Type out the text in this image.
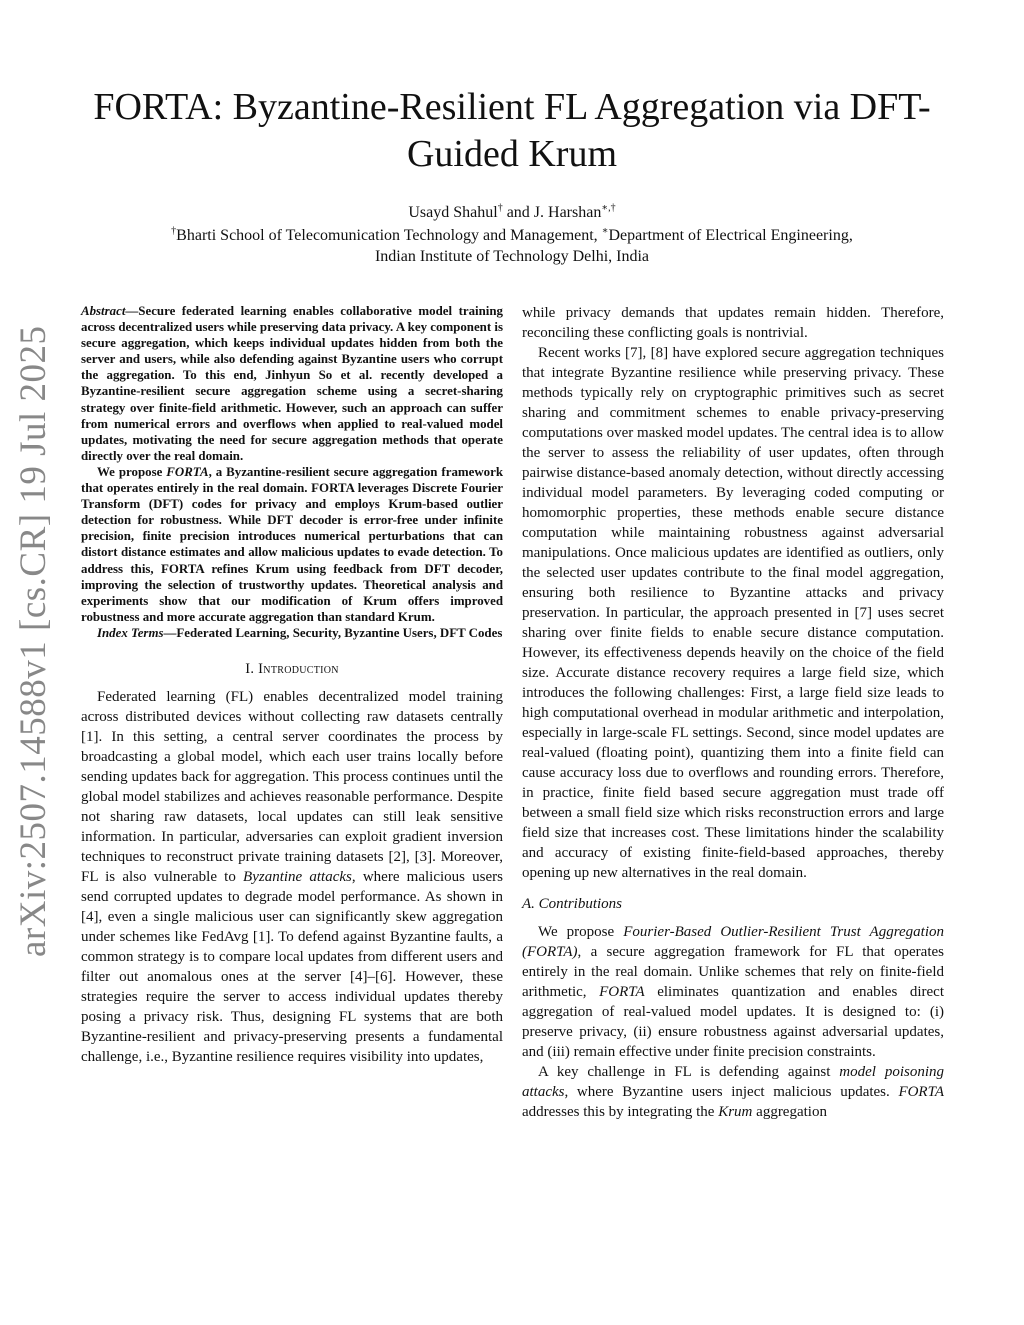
arXiv:2507.14588v1 [cs.CR] 19 Jul 2025
FORTA: Byzantine-Resilient FL Aggregation via DFT-Guided Krum
Usayd Shahul† and J. Harshan∗,†
†Bharti School of Telecomunication Technology and Management, ∗Department of Electrical Engineering,
Indian Institute of Technology Delhi, India

Abstract—Secure federated learning enables collaborative model training across decentralized users while preserving data privacy. A key component is secure aggregation, which keeps individual updates hidden from both the server and users, while also defending against Byzantine users who corrupt the aggregation. To this end, Jinhyun So et al. recently developed a Byzantine-resilient secure aggregation scheme using a secret-sharing strategy over finite-field arithmetic. However, such an approach can suffer from numerical errors and overflows when applied to real-valued model updates, motivating the need for secure aggregation methods that operate directly over the real domain.

We propose FORTA, a Byzantine-resilient secure aggregation framework that operates entirely in the real domain. FORTA leverages Discrete Fourier Transform (DFT) codes for privacy and employs Krum-based outlier detection for robustness. While DFT decoder is error-free under infinite precision, finite precision introduces numerical perturbations that can distort distance estimates and allow malicious updates to evade detection. To address this, FORTA refines Krum using feedback from DFT decoder, improving the selection of trustworthy updates. Theoretical analysis and experiments show that our modification of Krum offers improved robustness and more accurate aggregation than standard Krum.

Index Terms—Federated Learning, Security, Byzantine Users, DFT Codes

I. Introduction

Federated learning (FL) enables decentralized model training across distributed devices without collecting raw datasets centrally [1]. In this setting, a central server coordinates the process by broadcasting a global model, which each user trains locally before sending updates back for aggregation. This process continues until the global model stabilizes and achieves reasonable performance. Despite not sharing raw datasets, local updates can still leak sensitive information. In particular, adversaries can exploit gradient inversion techniques to reconstruct private training datasets [2], [3]. Moreover, FL is also vulnerable to Byzantine attacks, where malicious users send corrupted updates to degrade model performance. As shown in [4], even a single malicious user can significantly skew aggregation under schemes like FedAvg [1]. To defend against Byzantine faults, a common strategy is to compare local updates from different users and filter out anomalous ones at the server [4]–[6]. However, these strategies require the server to access individual updates thereby posing a privacy risk. Thus, designing FL systems that are both Byzantine-resilient and privacy-preserving presents a fundamental challenge, i.e., Byzantine resilience requires visibility into updates,

while privacy demands that updates remain hidden. Therefore, reconciling these conflicting goals is nontrivial.

Recent works [7], [8] have explored secure aggregation techniques that integrate Byzantine resilience while preserving privacy. These methods typically rely on cryptographic primitives such as secret sharing and commitment schemes to enable privacy-preserving computations over masked model updates. The central idea is to allow the server to assess the reliability of user updates, often through pairwise distance-based anomaly detection, without directly accessing individual model parameters. By leveraging coded computing or homomorphic properties, these methods enable secure distance computation while maintaining robustness against adversarial manipulations. Once malicious updates are identified as outliers, only the selected user updates contribute to the final model aggregation, ensuring both resilience to Byzantine attacks and privacy preservation. In particular, the approach presented in [7] uses secret sharing over finite fields to enable secure distance computation. However, its effectiveness depends heavily on the choice of the field size. Accurate distance recovery requires a large field size, which introduces the following challenges: First, a large field size leads to high computational overhead in modular arithmetic and interpolation, especially in large-scale FL settings. Second, since model updates are real-valued (floating point), quantizing them into a finite field can cause accuracy loss due to overflows and rounding errors. Therefore, in practice, finite field based secure aggregation must trade off between a small field size which risks reconstruction errors and large field size that increases cost. These limitations hinder the scalability and accuracy of existing finite-field-based approaches, thereby opening up new alternatives in the real domain.

A. Contributions

We propose Fourier-Based Outlier-Resilient Trust Aggregation (FORTA), a secure aggregation framework for FL that operates entirely in the real domain. Unlike schemes that rely on finite-field arithmetic, FORTA eliminates quantization and enables direct aggregation of real-valued model updates. It is designed to: (i) preserve privacy, (ii) ensure robustness against adversarial updates, and (iii) remain effective under finite precision constraints.

A key challenge in FL is defending against model poisoning attacks, where Byzantine users inject malicious updates. FORTA addresses this by integrating the Krum aggregation
